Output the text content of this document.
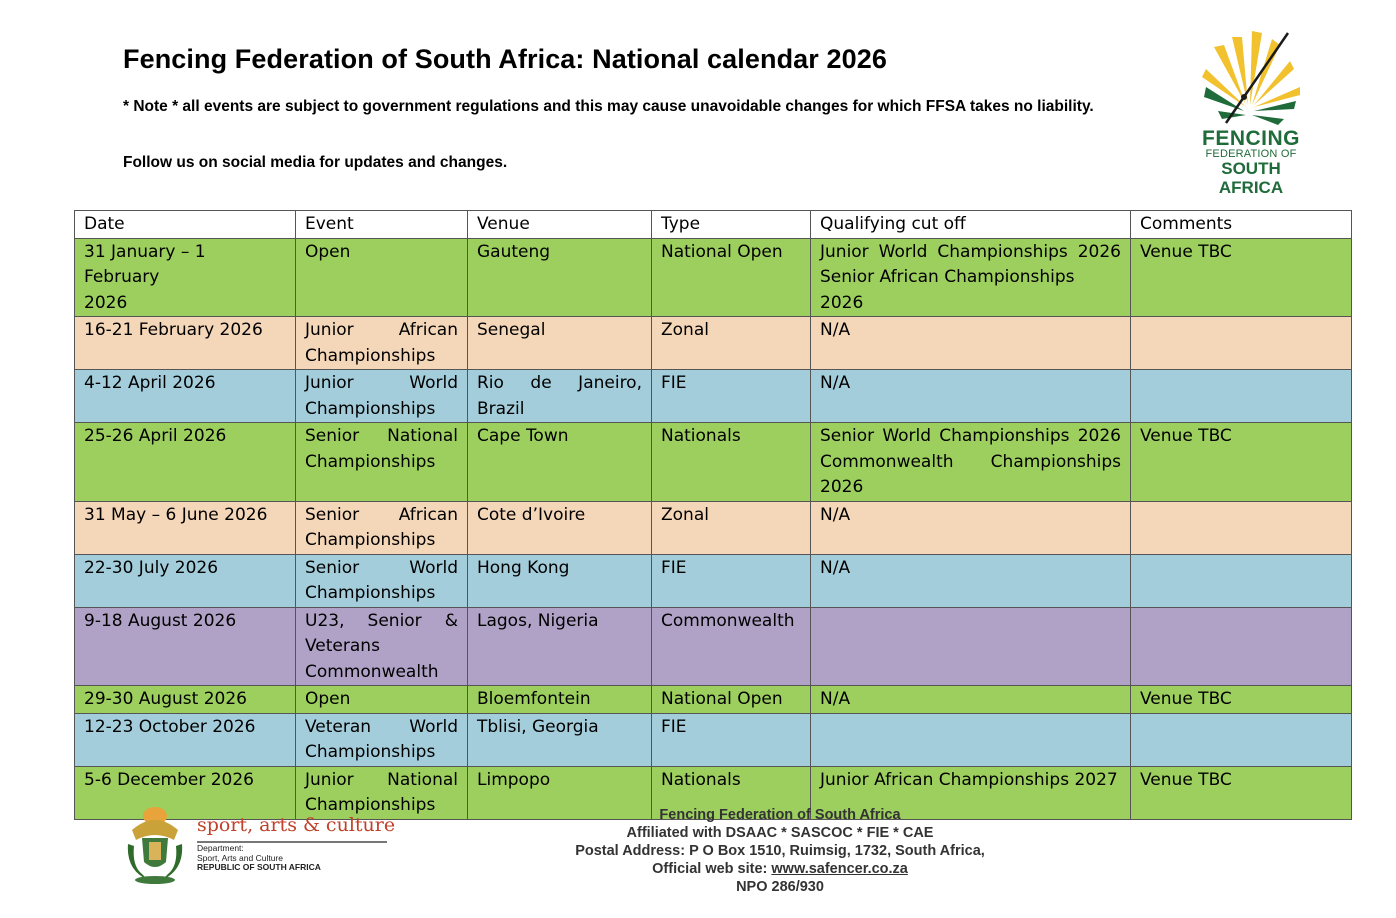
Fencing Federation of South Africa: National calendar 2026
* Note * all events are subject to government regulations and this may cause unavoidable changes for which FFSA takes no liability.
Follow us on social media for updates and changes.
FENCING
FEDERATION OF
SOUTH AFRICA
Date	Event	Venue	Type	Qualifying cut off	Comments

31 January – 1 February
2026	Open	Gauteng	National Open	Junior World Championships 2026
Senior African Championships 2026	Venue TBC

16-21 February 2026	Junior African
Championships	Senegal	Zonal	N/A	

4-12 April 2026	Junior World
Championships	Rio de Janeiro,
Brazil	FIE	N/A	

25-26 April 2026	Senior National
Championships	Cape Town	Nationals	Senior World Championships 2026
Commonwealth Championships
2026	Venue TBC

31 May – 6 June 2026	Senior African
Championships	Cote d’Ivoire	Zonal	N/A	

22-30 July 2026	Senior World
Championships	Hong Kong	FIE	N/A	

9-18 August 2026	U23, Senior &
Veterans
Commonwealth	Lagos, Nigeria	Commonwealth		

29-30 August 2026	Open	Bloemfontein	National Open	N/A	Venue TBC

12-23 October 2026	Veteran World
Championships	Tblisi, Georgia	FIE		

5-6 December 2026	Junior National
Championships	Limpopo	Nationals	Junior African Championships 2027	Venue TBC
sport, arts & culture
Department:
Sport, Arts and Culture
REPUBLIC OF SOUTH AFRICA
Fencing Federation of South Africa
Affiliated with DSAAC * SASCOC * FIE * CAE
Postal Address: P O Box 1510, Ruimsig, 1732, South Africa,
Official web site: www.safencer.co.za
NPO 286/930
